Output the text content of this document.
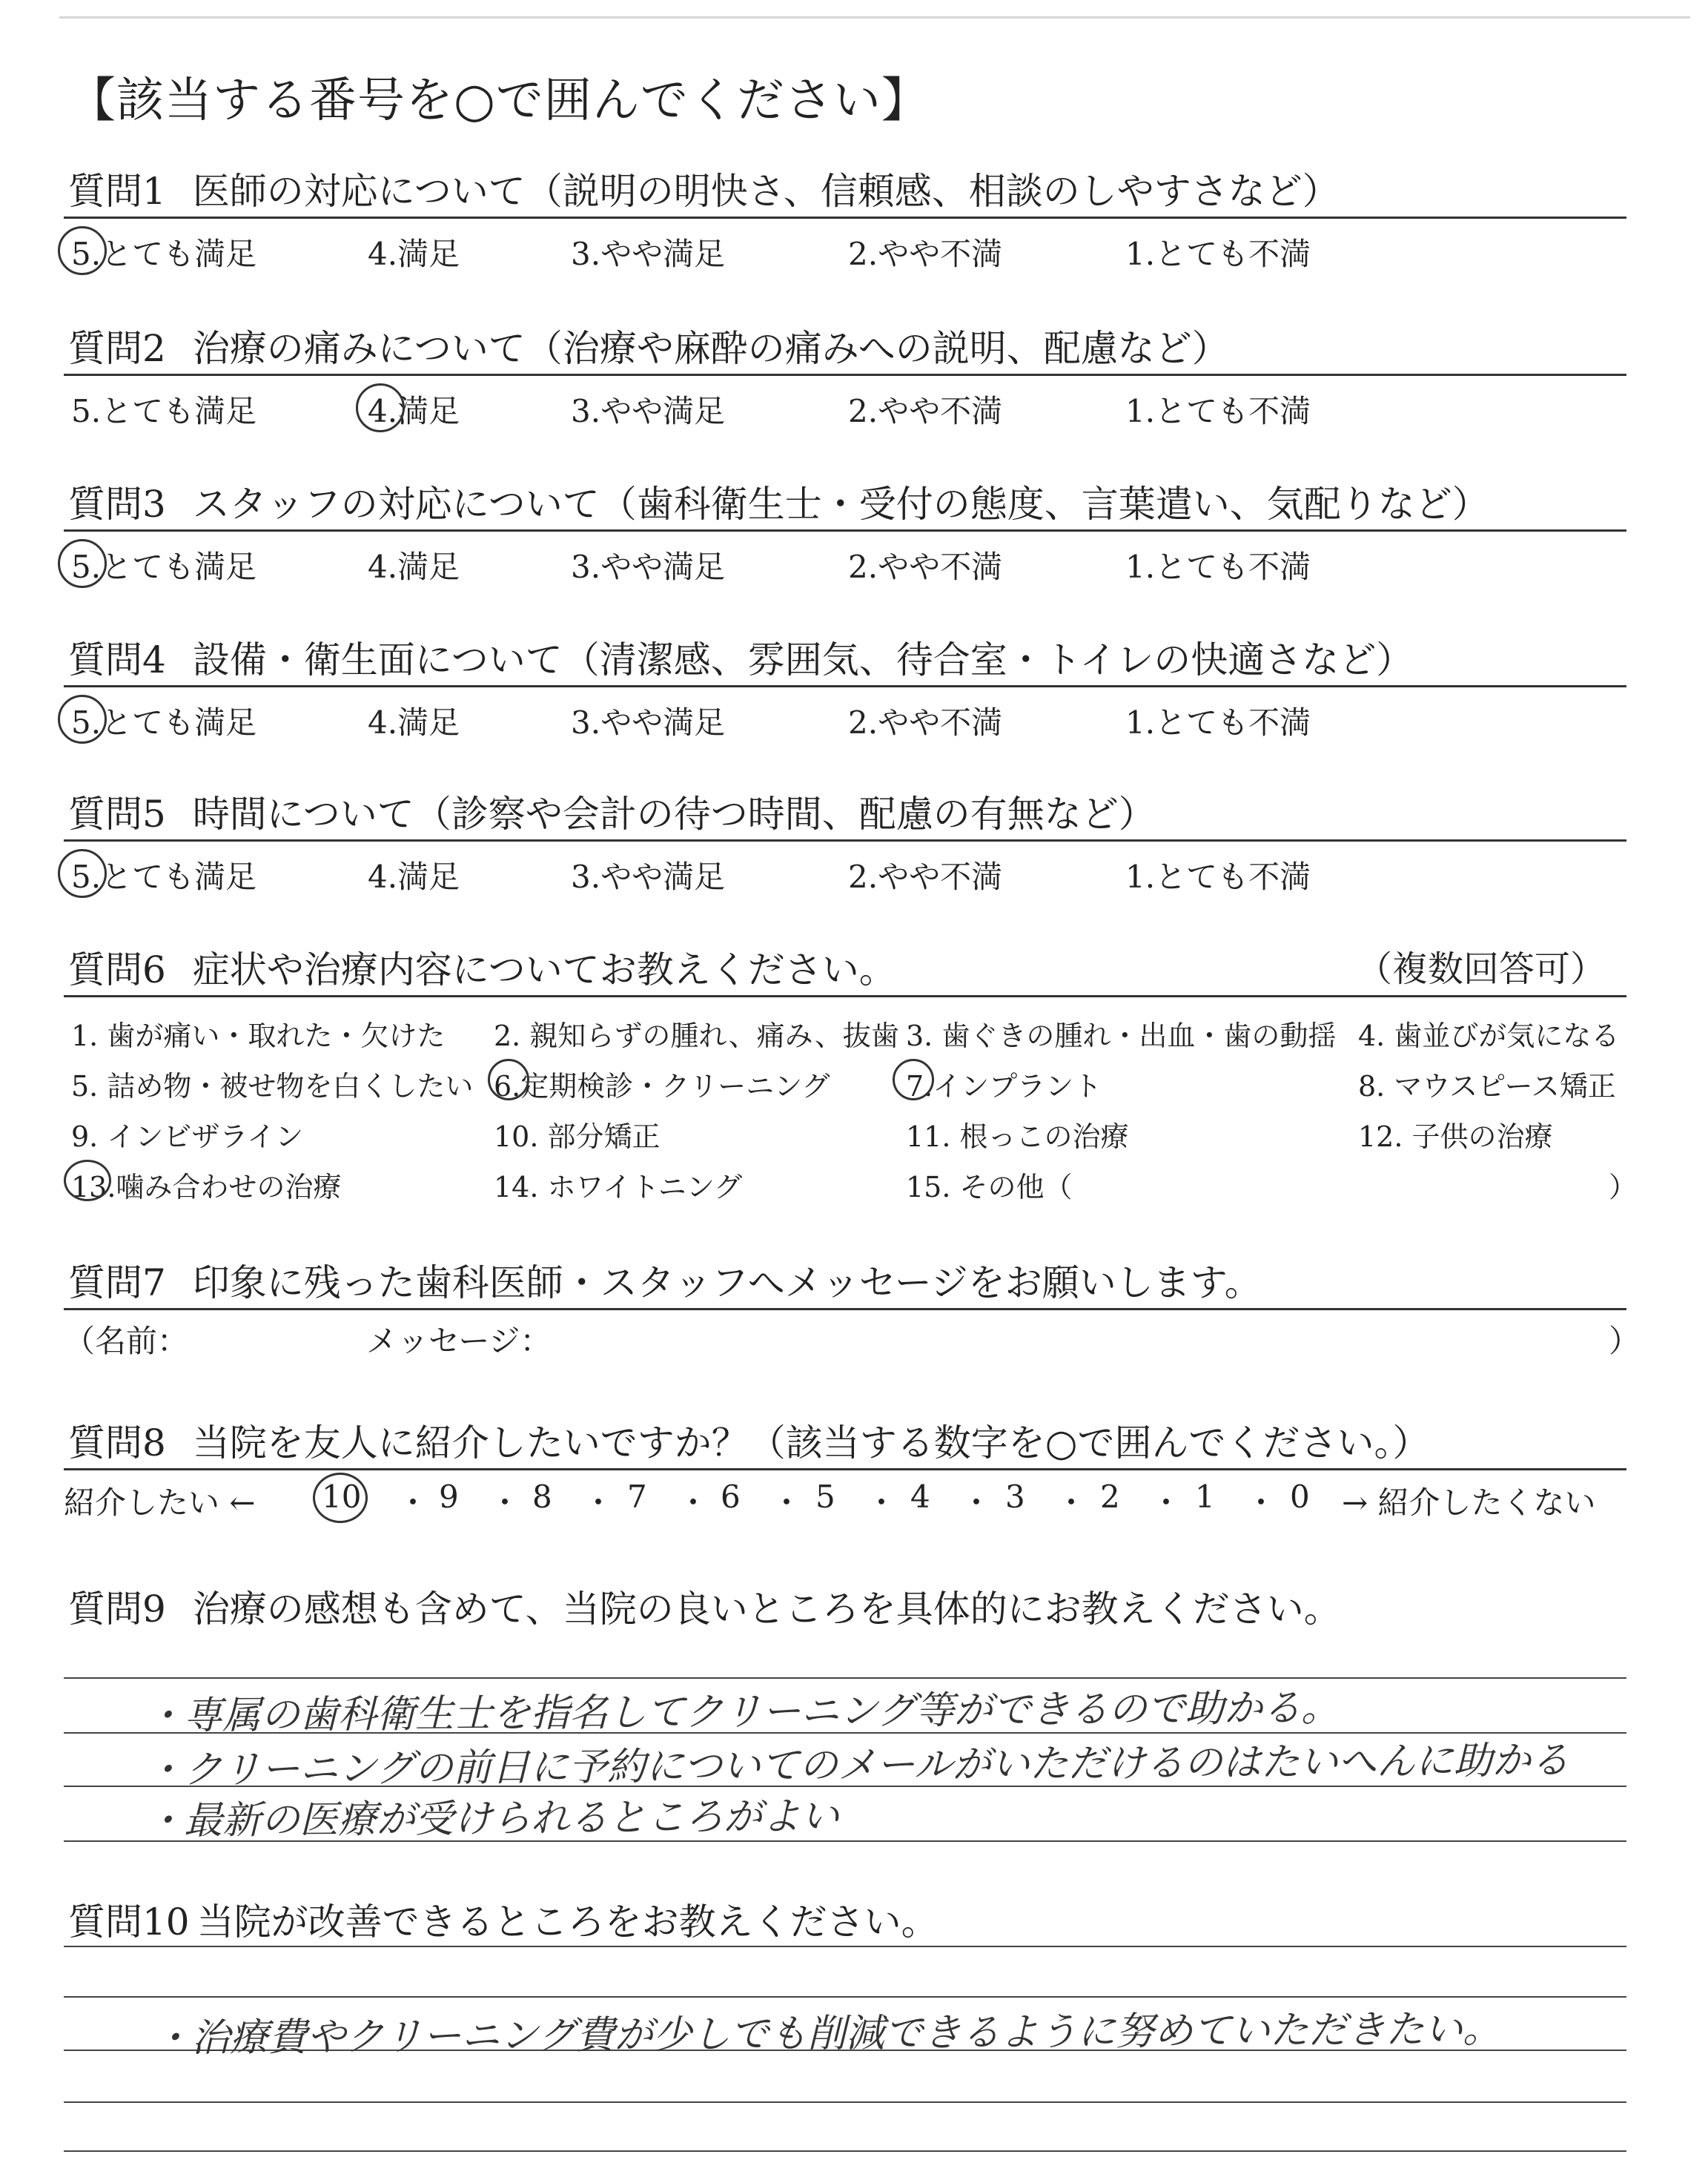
【該当する番号を○で囲んでください】
質問1 医師の対応について（説明の明快さ、信頼感、相談のしやすさなど）
5.とても満足	4.満足	3.やや満足	2.やや不満	1.とても不満
質問2 治療の痛みについて（治療や麻酔の痛みへの説明、配慮など）
5.とても満足	4.満足	3.やや満足	2.やや不満	1.とても不満
質問3 スタッフの対応について（歯科衛生士・受付の態度、言葉遣い、気配りなど）
5.とても満足	4.満足	3.やや満足	2.やや不満	1.とても不満
質問4 設備・衛生面について（清潔感、雰囲気、待合室・トイレの快適さなど）
5.とても満足	4.満足	3.やや満足	2.やや不満	1.とても不満
質問5 時間について（診察や会計の待つ時間、配慮の有無など）
5.とても満足	4.満足	3.やや満足	2.やや不満	1.とても不満
質問6 症状や治療内容についてお教えください。	（複数回答可）
1. 歯が痛い・取れた・欠けた 2. 親知らずの腫れ、痛み、抜歯 3. 歯ぐきの腫れ・出血・歯の動揺 4. 歯並びが気になる
5. 詰め物・被せ物を白くしたい 6.定期検診・クリーニング	7.インプラント	8. マウスピース矯正
9. インビザライン	10. 部分矯正	11. 根っこの治療	12. 子供の治療
13.噛み合わせの治療	14. ホワイトニング	15. その他（	）
質問7 印象に残った歯科医師・スタッフへメッセージをお願いします。
（名前：	メッセージ：	）
質問8 当院を友人に紹介したいですか？（該当する数字を○で囲んでください。）
紹介したい ← 10 ・ 9 ・ 8 ・ 7 ・ 6 ・ 5 ・ 4 ・ 3 ・ 2 ・ 1 ・ 0 → 紹介したくない
質問9 治療の感想も含めて、当院の良いところを具体的にお教えください。
・専属の歯科衛生士を指名してクリーニング等ができるので助かる。
・クリーニングの前日に予約についてのメールがいただけるのはたいへんに助かる
・最新の医療が受けられるところがよい
質問10 当院が改善できるところをお教えください。
・治療費やクリーニング費が少しでも削減できるように努めていただきたい。
